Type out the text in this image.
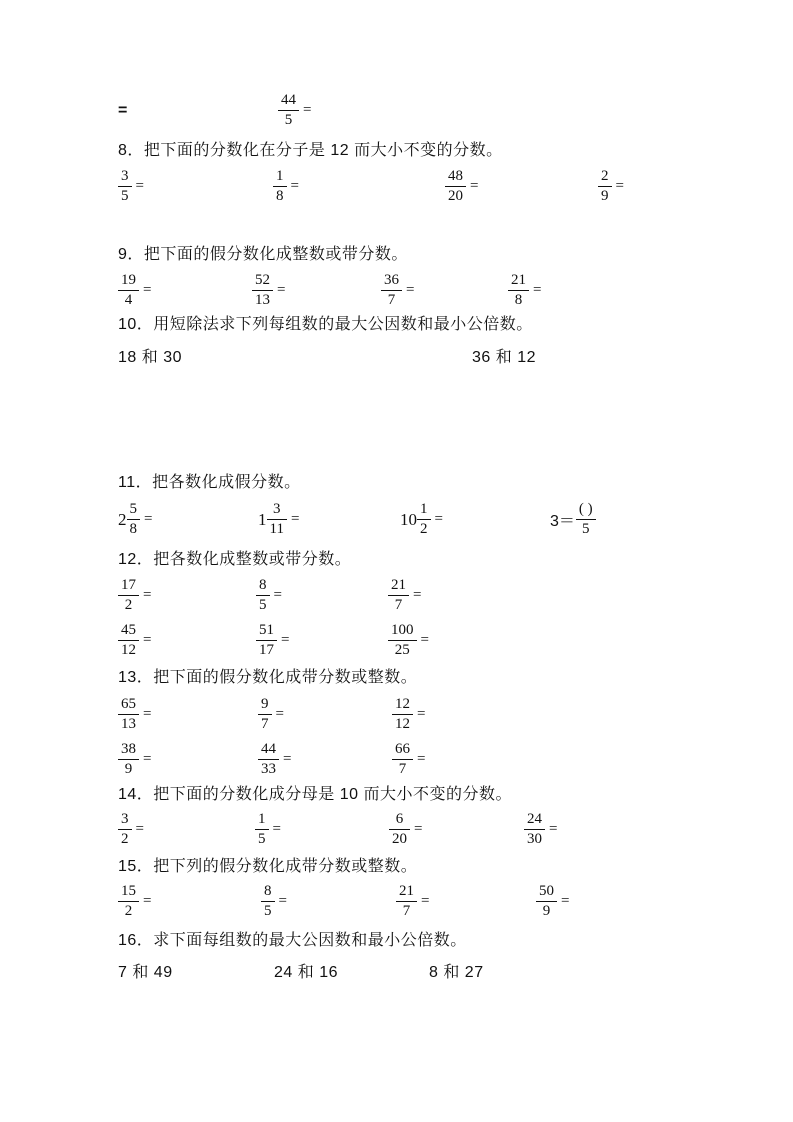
=	$\frac{44}{5}$ =
8．把下面的分数化在分子是 12 而大小不变的分数。
$\frac{3}{5}$ =	$\frac{1}{8}$ =	$\frac{48}{20}$ =	$\frac{2}{9}$ =
9．把下面的假分数化成整数或带分数。
$\frac{19}{4}$ =	$\frac{52}{13}$ =	$\frac{36}{7}$ =	$\frac{21}{8}$ =
10．用短除法求下列每组数的最大公因数和最小公倍数。
18 和 30	36 和 12
11．把各数化成假分数。
$2 \frac{5}{8}$ =	$1 \frac{3}{11}$ =	$10 \frac{1}{2}$ =	$3= \frac{( )}{5}$
12．把各数化成整数或带分数。
$\frac{17}{2}$ =	$\frac{8}{5}$ =	$\frac{21}{7}$ =
$\frac{45}{12}$ =	$\frac{51}{17}$ =	$\frac{100}{25}$ =
13．把下面的假分数化成带分数或整数。
$\frac{65}{13}$ =	$\frac{9}{7}$ =	$\frac{12}{12}$ =
$\frac{38}{9}$ =	$\frac{44}{33}$ =	$\frac{66}{7}$ =
14．把下面的分数化成分母是 10 而大小不变的分数。
$\frac{3}{2}$ =	$\frac{1}{5}$ =	$\frac{6}{20}$ =	$\frac{24}{30}$ =
15．把下列的假分数化成带分数或整数。
$\frac{15}{2}$ =	$\frac{8}{5}$ =	$\frac{21}{7}$ =	$\frac{50}{9}$ =
16．求下面每组数的最大公因数和最小公倍数。
7 和 49	24 和 16	8 和 27
